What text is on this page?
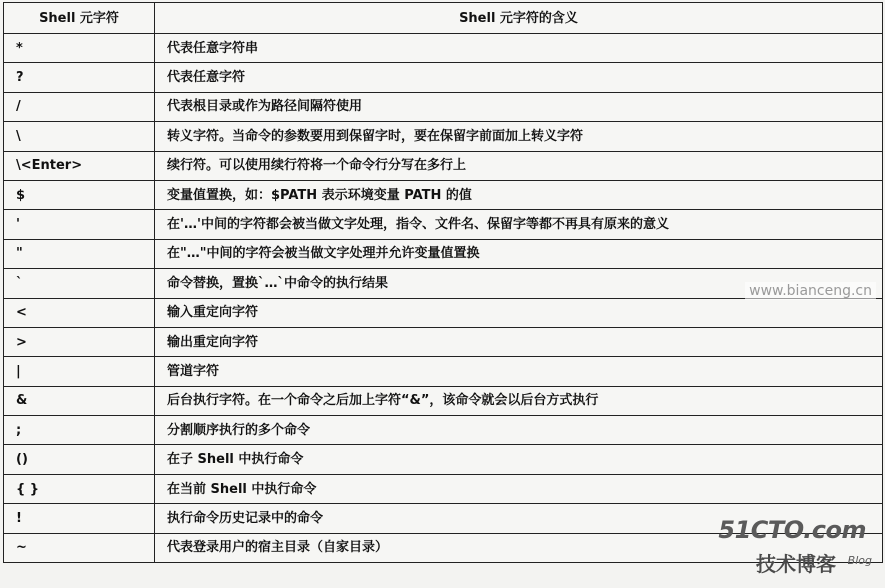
Shell 元字符	Shell 元字符的含义
*	代表任意字符串
?	代表任意字符
/	代表根目录或作为路径间隔符使用
\	转义字符。当命令的参数要用到保留字时，要在保留字前面加上转义字符
\<Enter>	续行符。可以使用续行符将一个命令行分写在多行上
$	变量值置换，如：$PATH 表示环境变量 PATH 的值
'	在'…'中间的字符都会被当做文字处理，指令、文件名、保留字等都不再具有原来的意义
"	在"…"中间的字符会被当做文字处理并允许变量值置换
`	命令替换，置换`…`中命令的执行结果
<	输入重定向字符
>	输出重定向字符
|	管道字符
&	后台执行字符。在一个命令之后加上字符“&”，该命令就会以后台方式执行
;	分割顺序执行的多个命令
()	在子 Shell 中执行命令
{ }	在当前 Shell 中执行命令
!	执行命令历史记录中的命令
~	代表登录用户的宿主目录（自家目录）
www.bianceng.cn
51CTO.com
技术博客 Blog
